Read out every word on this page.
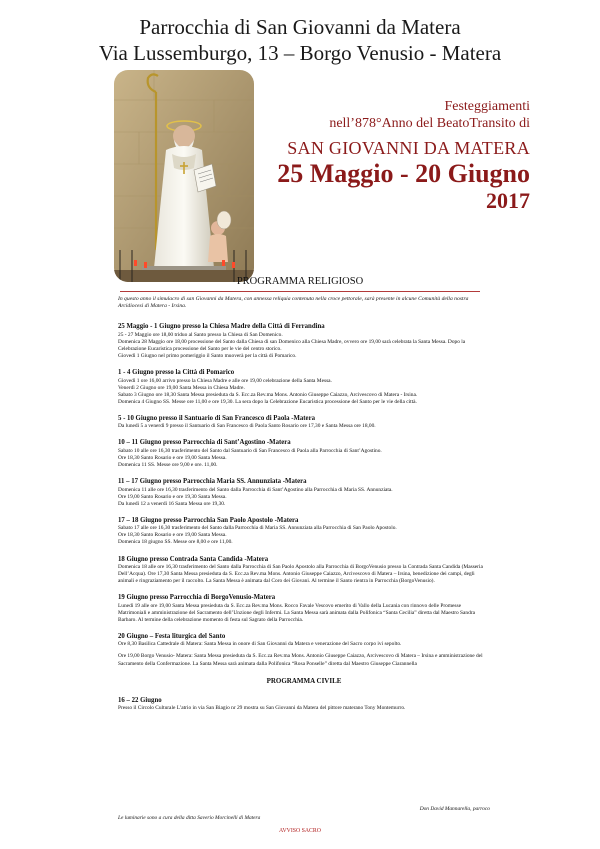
Parrocchia di San Giovanni da Matera
Via Lussemburgo, 13 – Borgo Venusio - Matera
Festeggiamenti
nell’878°Anno del BeatoTransito di
SAN GIOVANNI DA MATERA
25 Maggio - 20 Giugno
2017
PROGRAMMA RELIGIOSO

In questo anno il simulacro di san Giovanni da Matera, con annessa reliquia contenuta nella croce pettorale, sarà presente in alcune Comunità della nostra Arcidiocesi di Matera - Irsina.

25 Maggio - 1 Giugno presso la Chiesa Madre della Città di Ferrandina

25 - 27 Maggio ore 18,00 triduo al Santo presso la Chiesa di San Domenico.

Domenica 28 Maggio ore 18,00 processione del Santo dalla Chiesa di san Domenico alla Chiesa Madre, ovvero ore 19,00 sarà celebrata la Santa Messa. Dopo la Celebrazione Eucaristica processione del Santo per le vie del centro storico.

Giovedì 1 Giugno nel primo pomeriggio il Santo muoverà per la città di Pomarico.

1 - 4 Giugno presso la Città di Pomarico

Giovedì 1 ore 16,00 arrivo presso la Chiesa Madre e alle ore 19,00 celebrazione della Santa Messa.

Venerdì 2 Giugno ore 19,00 Santa Messa in Chiesa Madre.

Sabato 3 Giugno ore 18,30 Santa Messa presieduta da S. Ecc.za Rev.ma Mons. Antonio Giuseppe Caiazzo, Arcivescovo di Matera - Irsina.

Domenica 4 Giugno SS. Messe ore 11,00 e ore 19,30. La sera dopo la Celebrazione Eucaristica processione del Santo per le vie della città.

5 - 10 Giugno presso il Santuario di San Francesco di Paola -Matera

Da lunedì 5 a venerdì 9 presso il Santuario di San Francesco di Paola Santo Rosario ore 17,30 e Santa Messa ore 18,00.

10 – 11 Giugno presso Parrocchia di Sant’Agostino -Matera

Sabato 10 alle ore 16,30 trasferimento del Santo dal Santuario di San Francesco di Paola alla Parrocchia di Sant’Agostino.

Ore 18,30 Santo Rosario e ore 19,00 Santa Messa.

Domenica 11 SS. Messe ore 9,00 e ore. 11,00.

11 – 17 Giugno presso Parrocchia Maria SS. Annunziata -Matera

Domenica 11 alle ore 16,30 trasferimento del Santo dalla Parrocchia di Sant’Agostino alla Parrocchia di Maria SS. Annunziata.

Ore 19,00 Santo Rosario e ore 19,30 Santa Messa.

Da lunedì 12 a venerdì 16 Santa Messa ore 19,30.

17 – 18 Giugno presso Parrocchia San Paolo Apostolo -Matera

Sabato 17 alle ore 16,30 trasferimento del Santo dalla Parrocchia di Maria SS. Annunziata alla Parrocchia di San Paolo Apostolo.

Ore 18,30 Santo Rosario e ore 19,00 Santa Messa.

Domenica 18 giugno SS. Messe ore 8,00 e ore 11,00.

18 Giugno presso Contrada Santa Candida -Matera

Domenica 18 alle ore 16,30 trasferimento del Santo dalla Parrocchia di San Paolo Apostolo alla Parrocchia di BorgoVenusio presso la Contrada Santa Candida (Masseria Dell’Acqua). Ore 17,30 Santa Messa presieduta da S. Ecc.za Rev.ma Mons. Antonio Giuseppe Caiazzo, Arcivescovo di Matera – Irsina, benedizione dei campi, degli animali e ringraziamento per il raccolto. La Santa Messa è animata dal Coro dei Giovani. Al termine il Santo rientra in Parrocchia (BorgoVenusio).

19 Giugno presso Parrocchia di BorgoVenusio-Matera

Lunedì 19 alle ore 19,00 Santa Messa presieduta da S. Ecc.za Rev.ma Mons. Rocco Favale Vescovo emerito di Vallo della Lucania con rinnovo delle Promesse Matrimoniali e amministrazione del Sacramento dell’Unzione degli Infermi. La Santa Messa sarà animata dalla Polifonica “Santa Cecilia” diretta dal Maestro Sandra Barbaro. Al termine della celebrazione momento di festa sul Sagrato della Parrocchia.

20 Giugno – Festa liturgica del Santo

Ore 8,30 Basilica Cattedrale di Matera: Santa Messa in onore di San Giovanni da Matera e venerazione del Sacro corpo ivi sepolto.

Ore 19,00 Borgo Venusio- Matera: Santa Messa presieduta da S. Ecc.za Rev.ma Mons. Antonio Giuseppe Caiazzo, Arcivescovo di Matera – Irsina e amministrazione del Sacramento della Confermazione. La Santa Messa sarà animata dalla Polifonica “Rosa Ponselle” diretta dal Maestro Giuseppe Ciarannella

PROGRAMMA CIVILE
16 – 22 Giugno

Presso il Circolo Culturale L’atrio in via San Biagio nr 29 mostra su San Giovanni da Matera del pittore materano Tony Montemurro.

Don David Mannarella, parroco
Le luminarie sono a cura della ditta Saverio Morcinelli di Matera
AVVISO SACRO
